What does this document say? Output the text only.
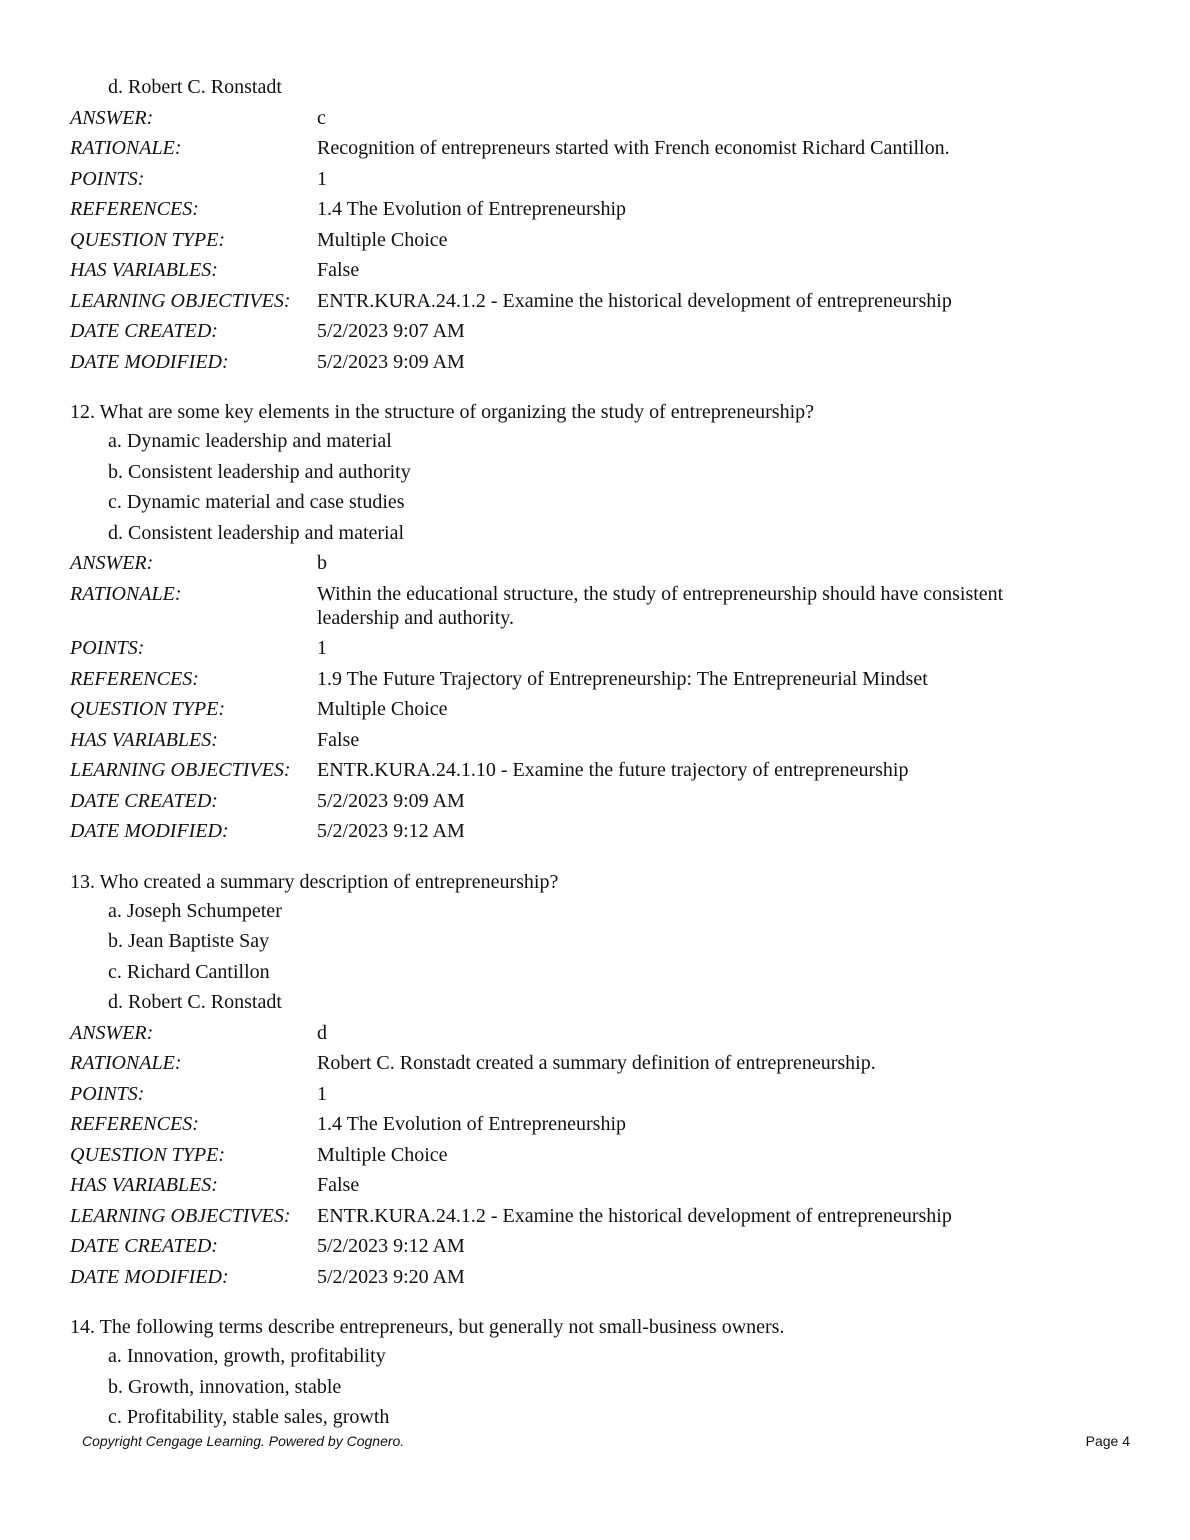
d. Robert C. Ronstadt
ANSWER:	c
RATIONALE:	Recognition of entrepreneurs started with French economist Richard Cantillon.
POINTS:	1
REFERENCES:	1.4 The Evolution of Entrepreneurship
QUESTION TYPE:	Multiple Choice
HAS VARIABLES:	False
LEARNING OBJECTIVES:	ENTR.KURA.24.1.2 - Examine the historical development of entrepreneurship
DATE CREATED:	5/2/2023 9:07 AM
DATE MODIFIED:	5/2/2023 9:09 AM
12. What are some key elements in the structure of organizing the study of entrepreneurship?
a. Dynamic leadership and material
b. Consistent leadership and authority
c. Dynamic material and case studies
d. Consistent leadership and material
ANSWER:	b
RATIONALE:	Within the educational structure, the study of entrepreneurship should have consistent leadership and authority.
POINTS:	1
REFERENCES:	1.9 The Future Trajectory of Entrepreneurship: The Entrepreneurial Mindset
QUESTION TYPE:	Multiple Choice
HAS VARIABLES:	False
LEARNING OBJECTIVES:	ENTR.KURA.24.1.10 - Examine the future trajectory of entrepreneurship
DATE CREATED:	5/2/2023 9:09 AM
DATE MODIFIED:	5/2/2023 9:12 AM
13. Who created a summary description of entrepreneurship?
a. Joseph Schumpeter
b. Jean Baptiste Say
c. Richard Cantillon
d. Robert C. Ronstadt
ANSWER:	d
RATIONALE:	Robert C. Ronstadt created a summary definition of entrepreneurship.
POINTS:	1
REFERENCES:	1.4 The Evolution of Entrepreneurship
QUESTION TYPE:	Multiple Choice
HAS VARIABLES:	False
LEARNING OBJECTIVES:	ENTR.KURA.24.1.2 - Examine the historical development of entrepreneurship
DATE CREATED:	5/2/2023 9:12 AM
DATE MODIFIED:	5/2/2023 9:20 AM
14. The following terms describe entrepreneurs, but generally not small-business owners.
a. Innovation, growth, profitability
b. Growth, innovation, stable
c. Profitability, stable sales, growth
Copyright Cengage Learning. Powered by Cognero.	Page 4
